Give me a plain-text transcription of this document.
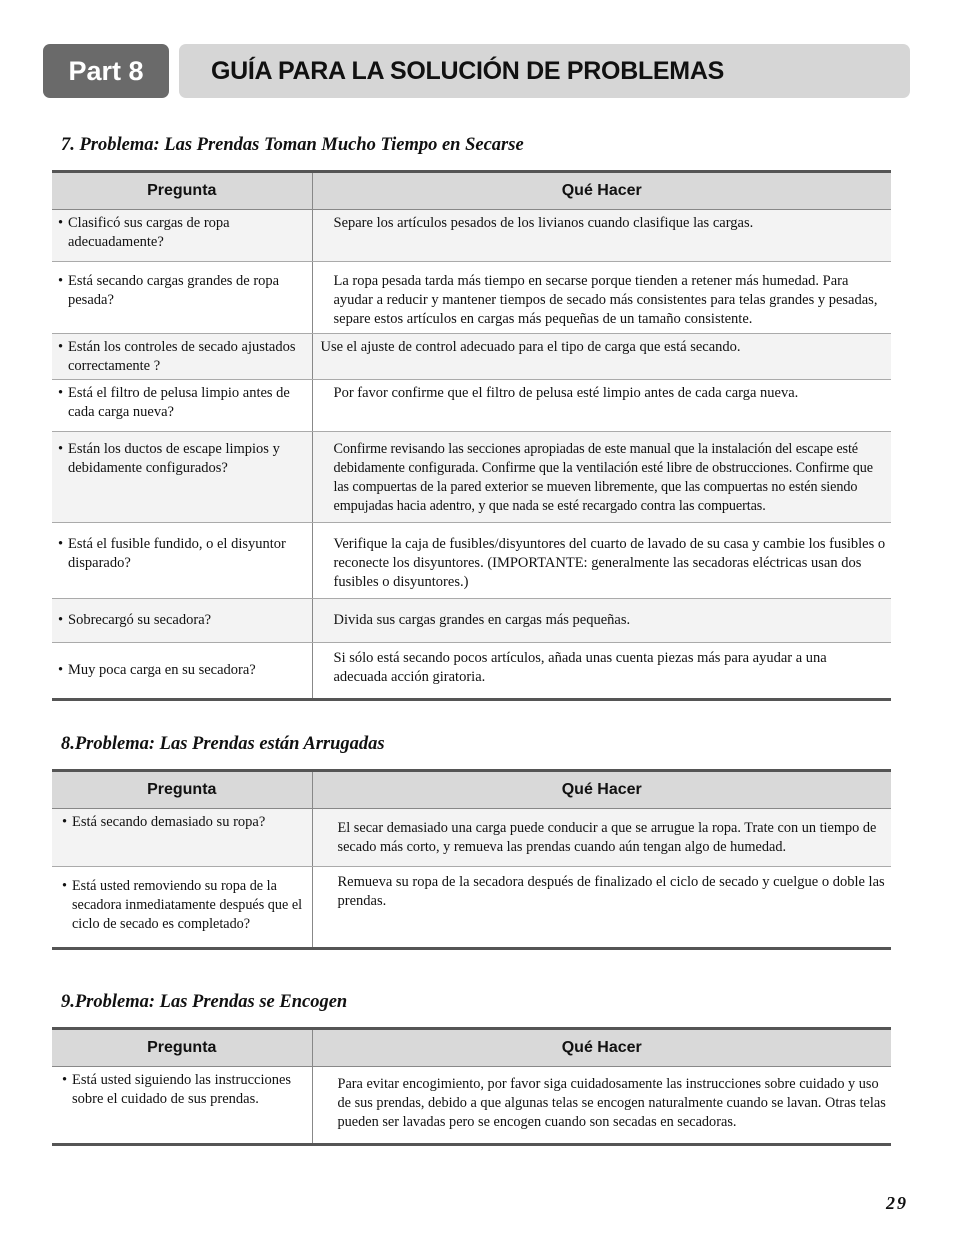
Part 8	GUÍA PARA LA SOLUCIÓN DE PROBLEMAS
7. Problema: Las Prendas Toman Mucho Tiempo en Secarse
Pregunta	Qué Hacer

• Clasificó sus cargas de ropa adecuadamente?	Separe los artículos pesados de los livianos cuando clasifique las cargas.

• Está secando cargas grandes de ropa pesada?	La ropa pesada tarda más tiempo en secarse porque tienden a retener más humedad. Para ayudar a reducir y mantener tiempos de secado más consistentes para telas grandes y pesadas, separe estos artículos en cargas más pequeñas de un tamaño consistente.

• Están los controles de secado ajustados correctamente ?	Use el ajuste de control adecuado para el tipo de carga que está secando.

• Está el filtro de pelusa limpio antes de cada carga nueva?	Por favor confirme que el filtro de pelusa esté limpio antes de cada carga nueva.

• Están los ductos de escape limpios y debidamente configurados?	Confirme revisando las secciones apropiadas de este manual que la instalación del escape esté debidamente configurada. Confirme que la ventilación esté libre de obstrucciones. Confirme que las compuertas de la pared exterior se mueven libremente, que las compuertas no estén siendo empujadas hacia adentro, y que nada se esté recargado contra las compuertas.

• Está el fusible fundido, o el disyuntor disparado?	Verifique la caja de fusibles/disyuntores del cuarto de lavado de su casa y cambie los fusibles o reconecte los disyuntores. (IMPORTANTE: generalmente las secadoras eléctricas usan dos fusibles o disyuntores.)

• Sobrecargó su secadora?	Divida sus cargas grandes en cargas más pequeñas.

• Muy poca carga en su secadora?	Si sólo está secando pocos artículos, añada unas cuenta piezas más para ayudar a una adecuada acción giratoria.
8.Problema: Las Prendas están Arrugadas
Pregunta	Qué Hacer

• Está secando demasiado su ropa?	El secar demasiado una carga puede conducir a que se arrugue la ropa. Trate con un tiempo de secado más corto, y remueva las prendas cuando aún tengan algo de humedad.

• Está usted removiendo su ropa de la secadora inmediatamente después que el ciclo de secado es completado?	Remueva su ropa de la secadora después de finalizado el ciclo de secado y cuelgue o doble las prendas.
9.Problema: Las Prendas se Encogen
Pregunta	Qué Hacer

• Está usted siguiendo las instrucciones sobre el cuidado de sus prendas.	Para evitar encogimiento, por favor siga cuidadosamente las instrucciones sobre cuidado y uso de sus prendas, debido a que algunas telas se encogen naturalmente cuando se lavan. Otras telas pueden ser lavadas pero se encogen cuando son secadas en secadoras.
29
